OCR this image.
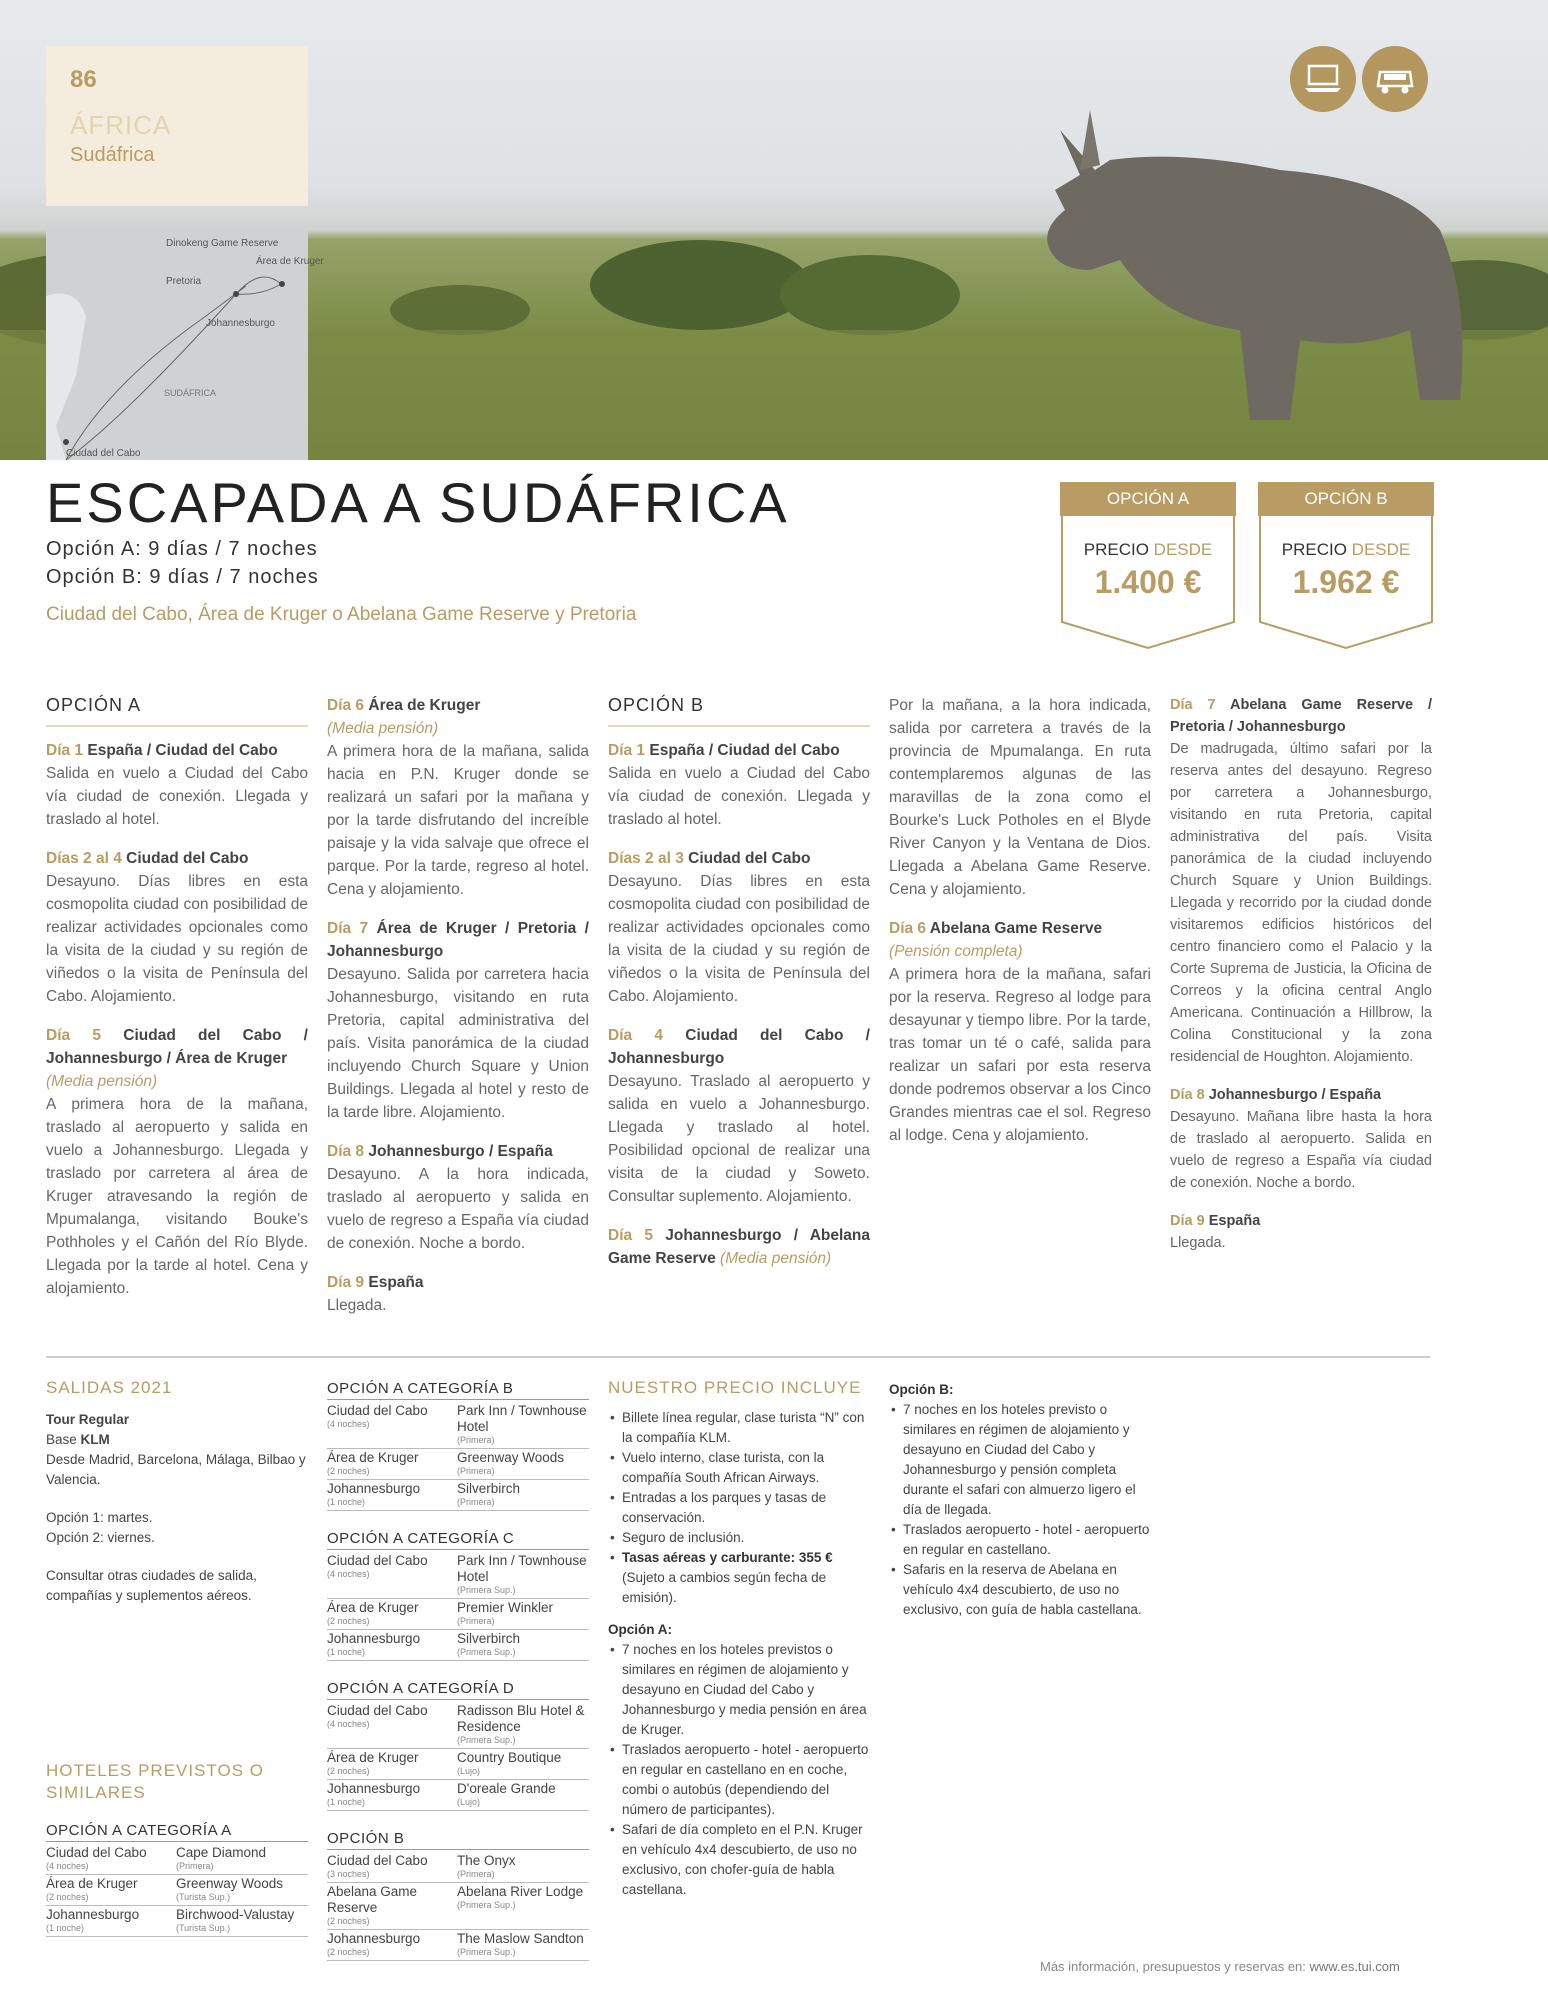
86
ÁFRICA
Sudáfrica
Dinokeng Game Reserve
Área de Kruger
Pretoria
Johannesburgo
SUDÁFRICA
Ciudad del Cabo
ESCAPADA A SUDÁFRICA
Opción A: 9 días / 7 noches
Opción B: 9 días / 7 noches
Ciudad del Cabo, Área de Kruger o Abelana Game Reserve y Pretoria
OPCIÓN A
PRECIO DESDE
1.400 €
OPCIÓN B
PRECIO DESDE
1.962 €
OPCIÓN A

Día 1 España / Ciudad del Cabo
Salida en vuelo a Ciudad del Cabo vía ciudad de conexión. Llegada y traslado al hotel.

Días 2 al 4 Ciudad del Cabo
Desayuno. Días libres en esta cosmopolita ciudad con posibilidad de realizar actividades opcionales como la visita de la ciudad y su región de viñedos o la visita de Península del Cabo. Alojamiento.

Día 5 Ciudad del Cabo / Johannesburgo / Área de Kruger
(Media pensión)
A primera hora de la mañana, traslado al aeropuerto y salida en vuelo a Johannesburgo. Llegada y traslado por carretera al área de Kruger atravesando la región de Mpumalanga, visitando Bouke's Pothholes y el Cañón del Río Blyde. Llegada por la tarde al hotel. Cena y alojamiento.

Día 6 Área de Kruger
(Media pensión)
A primera hora de la mañana, salida hacia en P.N. Kruger donde se realizará un safari por la mañana y por la tarde disfrutando del increíble paisaje y la vida salvaje que ofrece el parque. Por la tarde, regreso al hotel. Cena y alojamiento.

Día 7 Área de Kruger / Pretoria / Johannesburgo
Desayuno. Salida por carretera hacia Johannesburgo, visitando en ruta Pretoria, capital administrativa del país. Visita panorámica de la ciudad incluyendo Church Square y Union Buildings. Llegada al hotel y resto de la tarde libre. Alojamiento.

Día 8 Johannesburgo / España
Desayuno. A la hora indicada, traslado al aeropuerto y salida en vuelo de regreso a España vía ciudad de conexión. Noche a bordo.

Día 9 España
Llegada.

OPCIÓN B

Día 1 España / Ciudad del Cabo
Salida en vuelo a Ciudad del Cabo vía ciudad de conexión. Llegada y traslado al hotel.

Días 2 al 3 Ciudad del Cabo
Desayuno. Días libres en esta cosmopolita ciudad con posibilidad de realizar actividades opcionales como la visita de la ciudad y su región de viñedos o la visita de Península del Cabo. Alojamiento.

Día 4 Ciudad del Cabo / Johannesburgo
Desayuno. Traslado al aeropuerto y salida en vuelo a Johannesburgo. Llegada y traslado al hotel. Posibilidad opcional de realizar una visita de la ciudad y Soweto. Consultar suplemento. Alojamiento.

Día 5 Johannesburgo / Abelana Game Reserve (Media pensión)

Por la mañana, a la hora indicada, salida por carretera a través de la provincia de Mpumalanga. En ruta contemplaremos algunas de las maravillas de la zona como el Bourke's Luck Potholes en el Blyde River Canyon y la Ventana de Dios. Llegada a Abelana Game Reserve. Cena y alojamiento.

Día 6 Abelana Game Reserve
(Pensión completa)
A primera hora de la mañana, safari por la reserva. Regreso al lodge para desayunar y tiempo libre. Por la tarde, tras tomar un té o café, salida para realizar un safari por esta reserva donde podremos observar a los Cinco Grandes mientras cae el sol. Regreso al lodge. Cena y alojamiento.

Día 7 Abelana Game Reserve / Pretoria / Johannesburgo
De madrugada, último safari por la reserva antes del desayuno. Regreso por carretera a Johannesburgo, visitando en ruta Pretoria, capital administrativa del país. Visita panorámica de la ciudad incluyendo Church Square y Union Buildings. Llegada y recorrido por la ciudad donde visitaremos edificios históricos del centro financiero como el Palacio y la Corte Suprema de Justicia, la Oficina de Correos y la oficina central Anglo Americana. Continuación a Hillbrow, la Colina Constitucional y la zona residencial de Houghton. Alojamiento.

Día 8 Johannesburgo / España
Desayuno. Mañana libre hasta la hora de traslado al aeropuerto. Salida en vuelo de regreso a España vía ciudad de conexión. Noche a bordo.

Día 9 España
Llegada.

SALIDAS 2021
Tour Regular
Base KLM
Desde Madrid, Barcelona, Málaga, Bilbao y Valencia.
Opción 1: martes.
Opción 2: viernes.
Consultar otras ciudades de salida, compañías y suplementos aéreos.
HOTELES PREVISTOS O SIMILARES
OPCIÓN A CATEGORÍA A
Ciudad del Cabo
(4 noches)
Cape Diamond
(Primera)
Área de Kruger
(2 noches)
Greenway Woods
(Turista Sup.)
Johannesburgo
(1 noche)
Birchwood-Valustay
(Turista Sup.)
OPCIÓN A CATEGORÍA B
Ciudad del Cabo
(4 noches)
Park Inn / Townhouse Hotel
(Primera)
Área de Kruger
(2 noches)
Greenway Woods
(Primera)
Johannesburgo
(1 noche)
Silverbirch
(Primera)
OPCIÓN A CATEGORÍA C
Ciudad del Cabo
(4 noches)
Park Inn / Townhouse Hotel
(Primera Sup.)
Área de Kruger
(2 noches)
Premier Winkler
(Primera)
Johannesburgo
(1 noche)
Silverbirch
(Primera Sup.)
OPCIÓN A CATEGORÍA D
Ciudad del Cabo
(4 noches)
Radisson Blu Hotel & Residence
(Primera Sup.)
Área de Kruger
(2 noches)
Country Boutique
(Lujo)
Johannesburgo
(1 noche)
D'oreale Grande
(Lujo)
OPCIÓN B
Ciudad del Cabo
(3 noches)
The Onyx
(Primera)
Abelana Game Reserve
(2 noches)
Abelana River Lodge
(Primera Sup.)
Johannesburgo
(2 noches)
The Maslow Sandton
(Primera Sup.)
NUESTRO PRECIO INCLUYE
• Billete línea regular, clase turista “N” con la compañía KLM.
• Vuelo interno, clase turista, con la compañía South African Airways.
• Entradas a los parques y tasas de conservación.
• Seguro de inclusión.
• Tasas aéreas y carburante: 355 €
(Sujeto a cambios según fecha de emisión).
Opción A:
• 7 noches en los hoteles previstos o similares en régimen de alojamiento y desayuno en Ciudad del Cabo y Johannesburgo y media pensión en área de Kruger.
• Traslados aeropuerto - hotel - aeropuerto en regular en castellano en en coche, combi o autobús (dependiendo del número de participantes).
• Safari de día completo en el P.N. Kruger en vehículo 4x4 descubierto, de uso no exclusivo, con chofer-guía de habla castellana.
Opción B:
• 7 noches en los hoteles previsto o similares en régimen de alojamiento y desayuno en Ciudad del Cabo y Johannesburgo y pensión completa durante el safari con almuerzo ligero el día de llegada.
• Traslados aeropuerto - hotel - aeropuerto en regular en castellano.
• Safaris en la reserva de Abelana en vehículo 4x4 descubierto, de uso no exclusivo, con guía de habla castellana.
Más información, presupuestos y reservas en: www.es.tui.com
